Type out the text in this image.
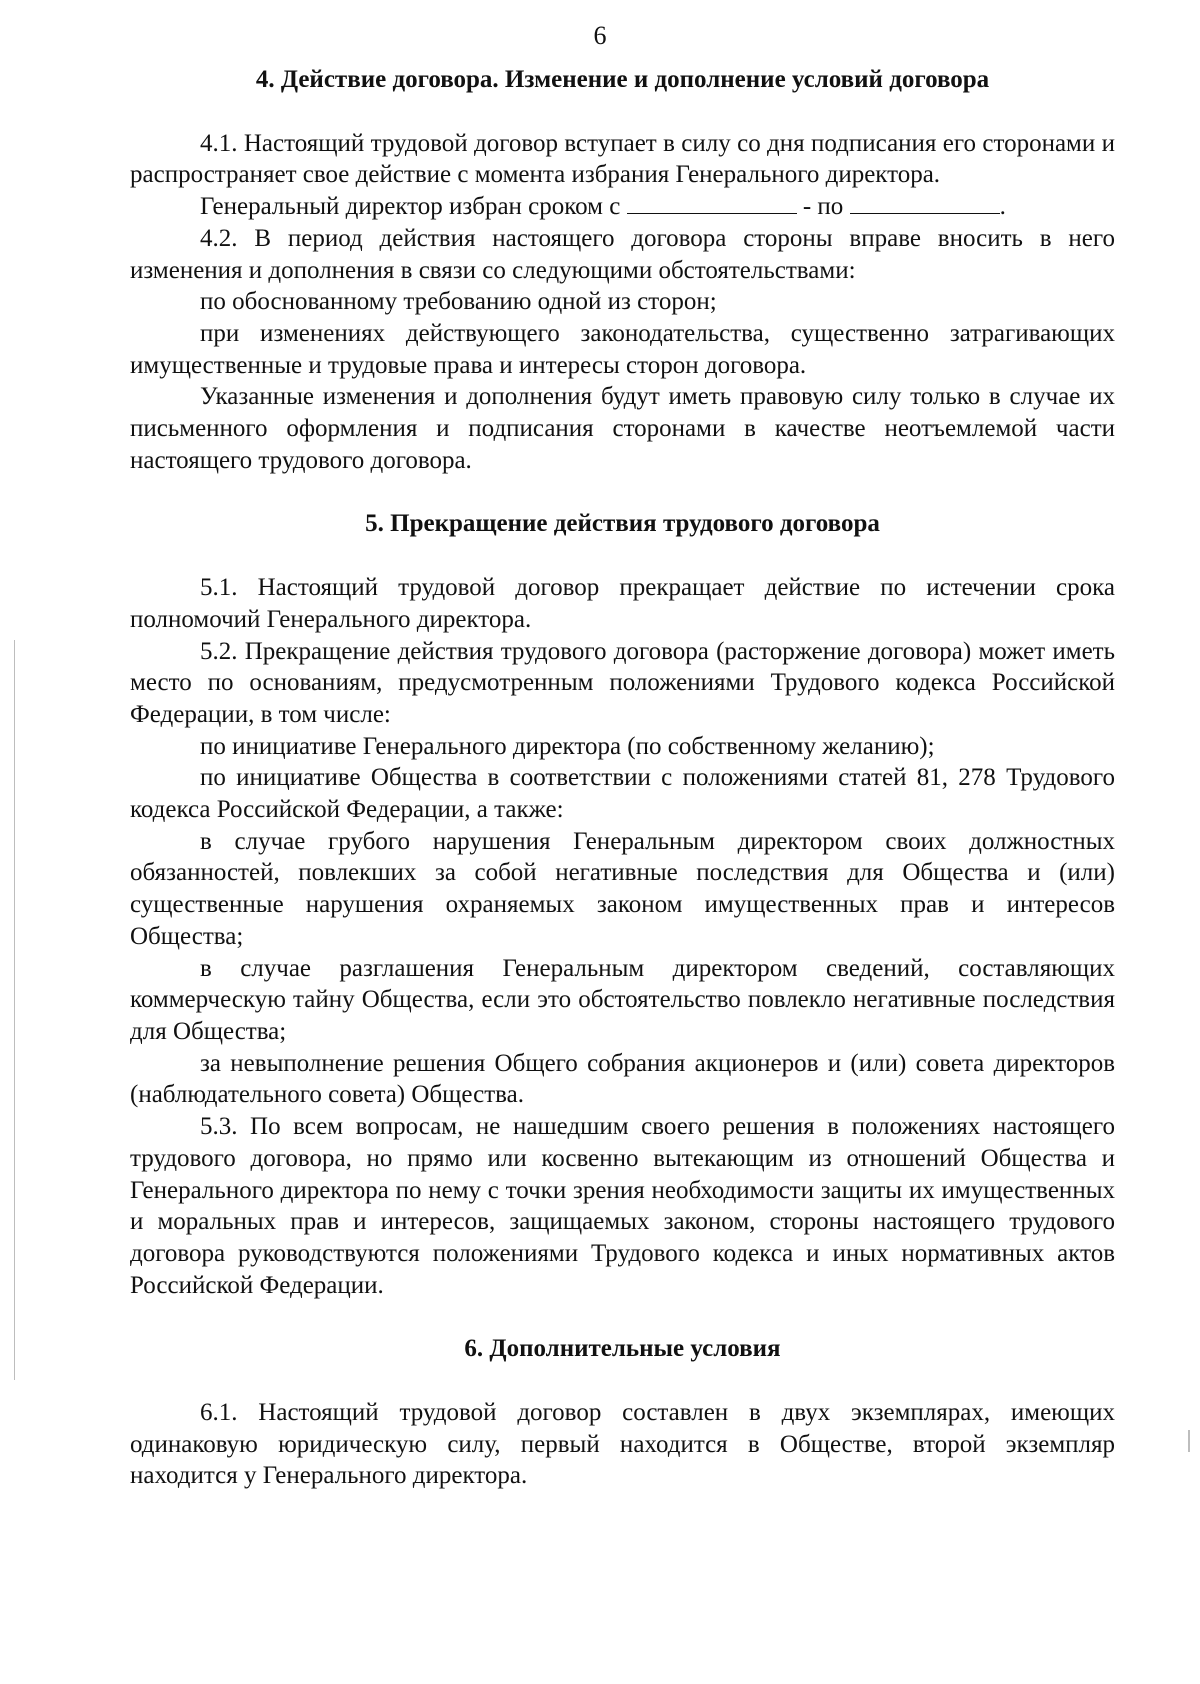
6
4. Действие договора. Изменение и дополнение условий договора

4.1. Настоящий трудовой договор вступает в силу со дня подписания его сторонами и распространяет свое действие с момента избрания Генерального директора.

Генеральный директор избран сроком с	- по	.

4.2. В период действия настоящего договора стороны вправе вносить в него изменения и дополнения в связи со следующими обстоятельствами:

по обоснованному требованию одной из сторон;

при изменениях действующего законодательства, существенно затрагивающих имущественные и трудовые права и интересы сторон договора.

Указанные изменения и дополнения будут иметь правовую силу только в случае их письменного оформления и подписания сторонами в качестве неотъемлемой части настоящего трудового договора.

5. Прекращение действия трудового договора

5.1. Настоящий трудовой договор прекращает действие по истечении срока полномочий Генерального директора.

5.2. Прекращение действия трудового договора (расторжение договора) может иметь место по основаниям, предусмотренным положениями Трудового кодекса Российской Федерации, в том числе:

по инициативе Генерального директора (по собственному желанию);

по инициативе Общества в соответствии с положениями статей 81, 278 Трудового кодекса Российской Федерации, а также:

в случае грубого нарушения Генеральным директором своих должностных обязанностей, повлекших за собой негативные последствия для Общества и (или) существенные нарушения охраняемых законом имущественных прав и интересов Общества;

в случае разглашения Генеральным директором сведений, составляющих коммерческую тайну Общества, если это обстоятельство повлекло негативные последствия для Общества;

за невыполнение решения Общего собрания акционеров и (или) совета директоров (наблюдательного совета) Общества.

5.3. По всем вопросам, не нашедшим своего решения в положениях настоящего трудового договора, но прямо или косвенно вытекающим из отношений Общества и Генерального директора по нему с точки зрения необходимости защиты их имущественных и моральных прав и интересов, защищаемых законом, стороны настоящего трудового договора руководствуются положениями Трудового кодекса и иных нормативных актов Российской Федерации.

6. Дополнительные условия

6.1. Настоящий трудовой договор составлен в двух экземплярах, имеющих одинаковую юридическую силу, первый находится в Обществе, второй экземпляр находится у Генерального директора.
